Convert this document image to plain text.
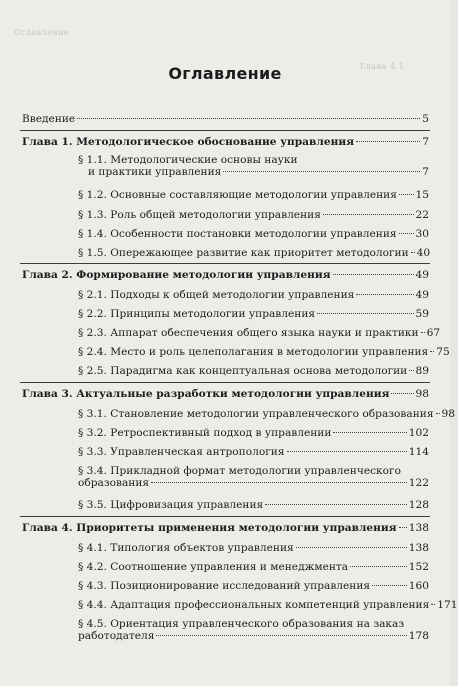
Оглавление
Глава 4.1
Оглавление
Введение	5
Глава 1. Методологическое обоснование управления	7
§ 1.1. Методологические основы науки
и практики управления	7
§ 1.2. Основные составляющие методологии управления 15
§ 1.3. Роль общей методологии управления	22
§ 1.4. Особенности постановки методологии управления 30
§ 1.5. Опережающее развитие как приоритет методологии 40
Глава 2. Формирование методологии управления	49
§ 2.1. Подходы к общей методологии управления	49
§ 2.2. Принципы методологии управления	59
§ 2.3. Аппарат обеспечения общего языка науки и практики 67
§ 2.4. Место и роль целеполагания в методологии управления 75
§ 2.5. Парадигма как концептуальная основа методологии 89
Глава 3. Актуальные разработки методологии управления 98
§ 3.1. Становление методологии управленческого образования 98
§ 3.2. Ретроспективный подход в управлении	102
§ 3.3. Управленческая антропология	114
§ 3.4. Прикладной формат методологии управленческого
образования	122
§ 3.5. Цифровизация управления	128
Глава 4. Приоритеты применения методологии управления 138
§ 4.1. Типология объектов управления	138
§ 4.2. Соотношение управления и менеджмента	152
§ 4.3. Позиционирование исследований управления	160
§ 4.4. Адаптация профессиональных компетенций управления 171
§ 4.5. Ориентация управленческого образования на заказ
работодателя	178
